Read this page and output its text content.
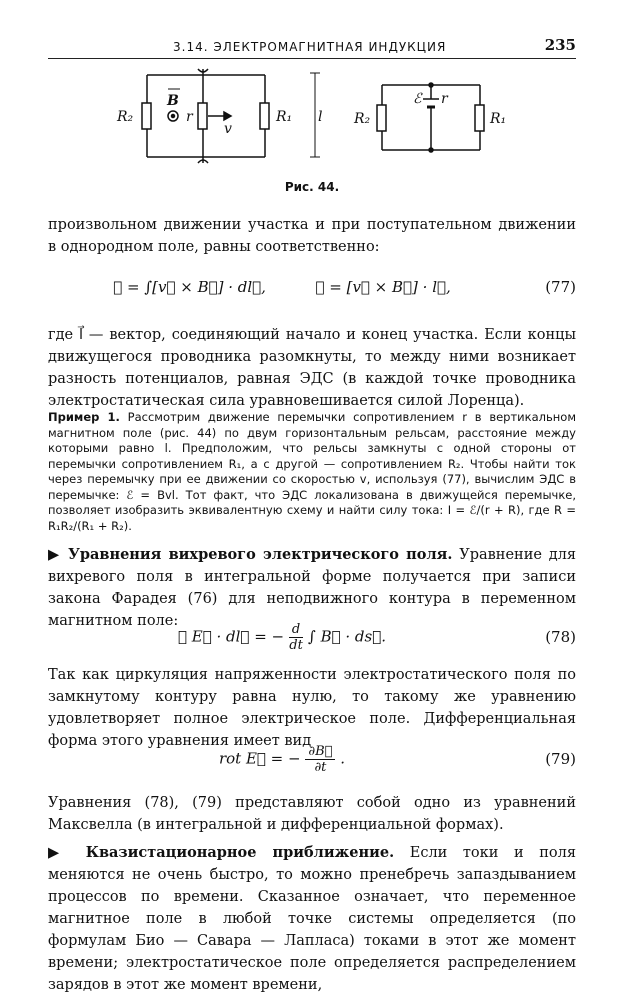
3.14. ЭЛЕКТРОМАГНИТНАЯ ИНДУКЦИЯ	235
R₂
B
r
v
R₁ l R₂
ℰ r
R₁
Рис. 44.
произвольном движении участка и при поступательном движении в однородном поле, равны соответственно:
ℰ = ∫[v⃗ × B⃗] · dl⃗,	ℰ = [v⃗ × B⃗] · l⃗,	(77)
где l⃗ — вектор, соединяющий начало и конец участка. Если концы движущегося проводника разомкнуты, то между ними возникает разность потенциалов, равная ЭДС (в каждой точке проводника электростатическая сила уравновешивается силой Лоренца).
Пример 1. Рассмотрим движение перемычки сопротивлением r в вертикальном магнитном поле (рис. 44) по двум горизонтальным рельсам, расстояние между которыми равно l. Предположим, что рельсы замкнуты с одной стороны от перемычки сопротивлением R₁, а с другой — сопротивлением R₂. Чтобы найти ток через перемычку при ее движении со скоростью v, используя (77), вычислим ЭДС в перемычке: ℰ = Bvl. Тот факт, что ЭДС локализована в движущейся перемычке, позволяет изобразить эквивалентную схему и найти силу тока: I = ℰ/(r + R), где R = R₁R₂/(R₁ + R₂).
▶ Уравнения вихревого электрического поля. Уравнение для вихревого поля в интегральной форме получается при записи закона Фарадея (76) для неподвижного контура в переменном магнитном поле:
∮ E⃗ · dl⃗ = − $\frac{d}{dt}$ ∫ B⃗ · ds⃗.	(78)
Так как циркуляция напряженности электростатического поля по замкнутому контуру равна нулю, то такому же уравнению удовлетворяет полное электрическое поле. Дифференциальная форма этого уравнения имеет вид
rot E⃗ = − $\frac{\partial B⃗}{\partial t}$ .	(79)
Уравнения (78), (79) представляют собой одно из уравнений Максвелла (в интегральной и дифференциальной формах).
▶ Квазистационарное приближение. Если токи и поля меняются не очень быстро, то можно пренебречь запаздыванием процессов по времени. Сказанное означает, что переменное магнитное поле в любой точке системы определяется (по формулам Био — Савара — Лапласа) токами в этот же момент времени; электростатическое поле определяется распределением зарядов в этот же момент времени,
